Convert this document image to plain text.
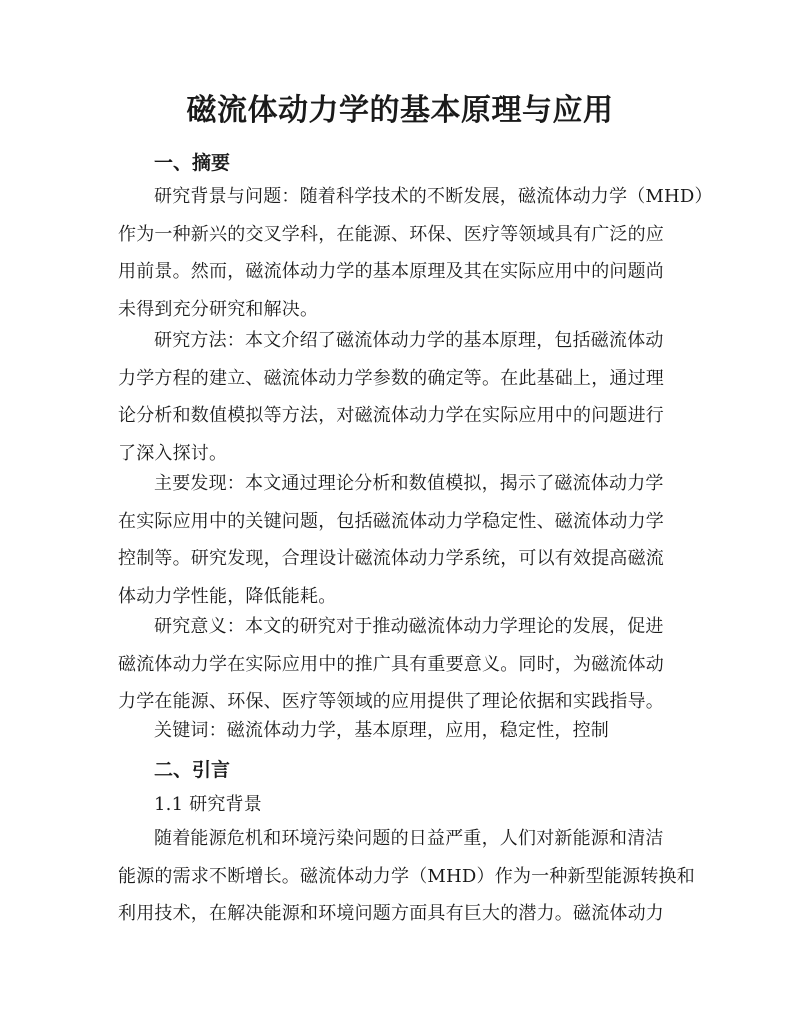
磁流体动力学的基本原理与应用
一、摘要
研究背景与问题：随着科学技术的不断发展，磁流体动力学（MHD）
作为一种新兴的交叉学科，在能源、环保、医疗等领域具有广泛的应
用前景。然而，磁流体动力学的基本原理及其在实际应用中的问题尚
未得到充分研究和解决。
研究方法：本文介绍了磁流体动力学的基本原理，包括磁流体动
力学方程的建立、磁流体动力学参数的确定等。在此基础上，通过理
论分析和数值模拟等方法，对磁流体动力学在实际应用中的问题进行
了深入探讨。
主要发现：本文通过理论分析和数值模拟，揭示了磁流体动力学
在实际应用中的关键问题，包括磁流体动力学稳定性、磁流体动力学
控制等。研究发现，合理设计磁流体动力学系统，可以有效提高磁流
体动力学性能，降低能耗。
研究意义：本文的研究对于推动磁流体动力学理论的发展，促进
磁流体动力学在实际应用中的推广具有重要意义。同时，为磁流体动
力学在能源、环保、医疗等领域的应用提供了理论依据和实践指导。
关键词：磁流体动力学，基本原理，应用，稳定性，控制
二、引言
1.1 研究背景
随着能源危机和环境污染问题的日益严重，人们对新能源和清洁
能源的需求不断增长。磁流体动力学（MHD）作为一种新型能源转换和
利用技术，在解决能源和环境问题方面具有巨大的潜力。磁流体动力
